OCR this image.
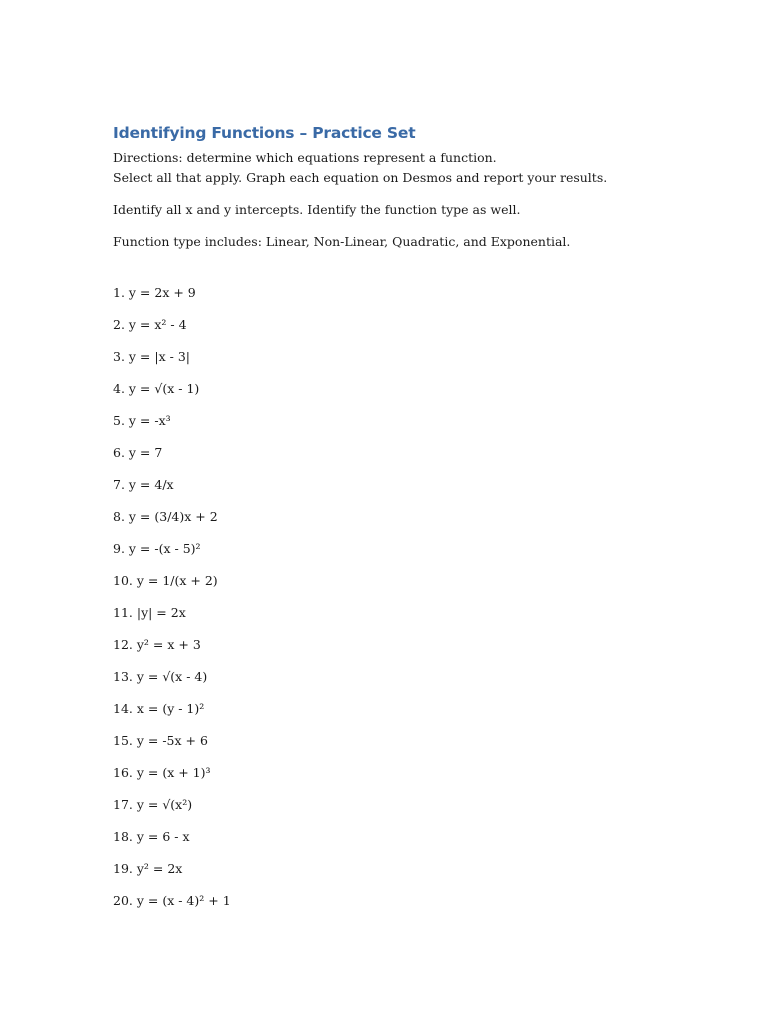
Identifying Functions – Practice Set
Directions: determine which equations represent a function.
Select all that apply. Graph each equation on Desmos and report your results.
Identify all x and y intercepts. Identify the function type as well.
Function type includes: Linear, Non-Linear, Quadratic, and Exponential.
1. y = 2x + 9
2. y = x² - 4
3. y = |x - 3|
4. y = √(x - 1)
5. y = -x³
6. y = 7
7. y = 4/x
8. y = (3/4)x + 2
9. y = -(x - 5)²
10. y = 1/(x + 2)
11. |y| = 2x
12. y² = x + 3
13. y = √(x - 4)
14. x = (y - 1)²
15. y = -5x + 6
16. y = (x + 1)³
17. y = √(x²)
18. y = 6 - x
19. y² = 2x
20. y = (x - 4)² + 1
